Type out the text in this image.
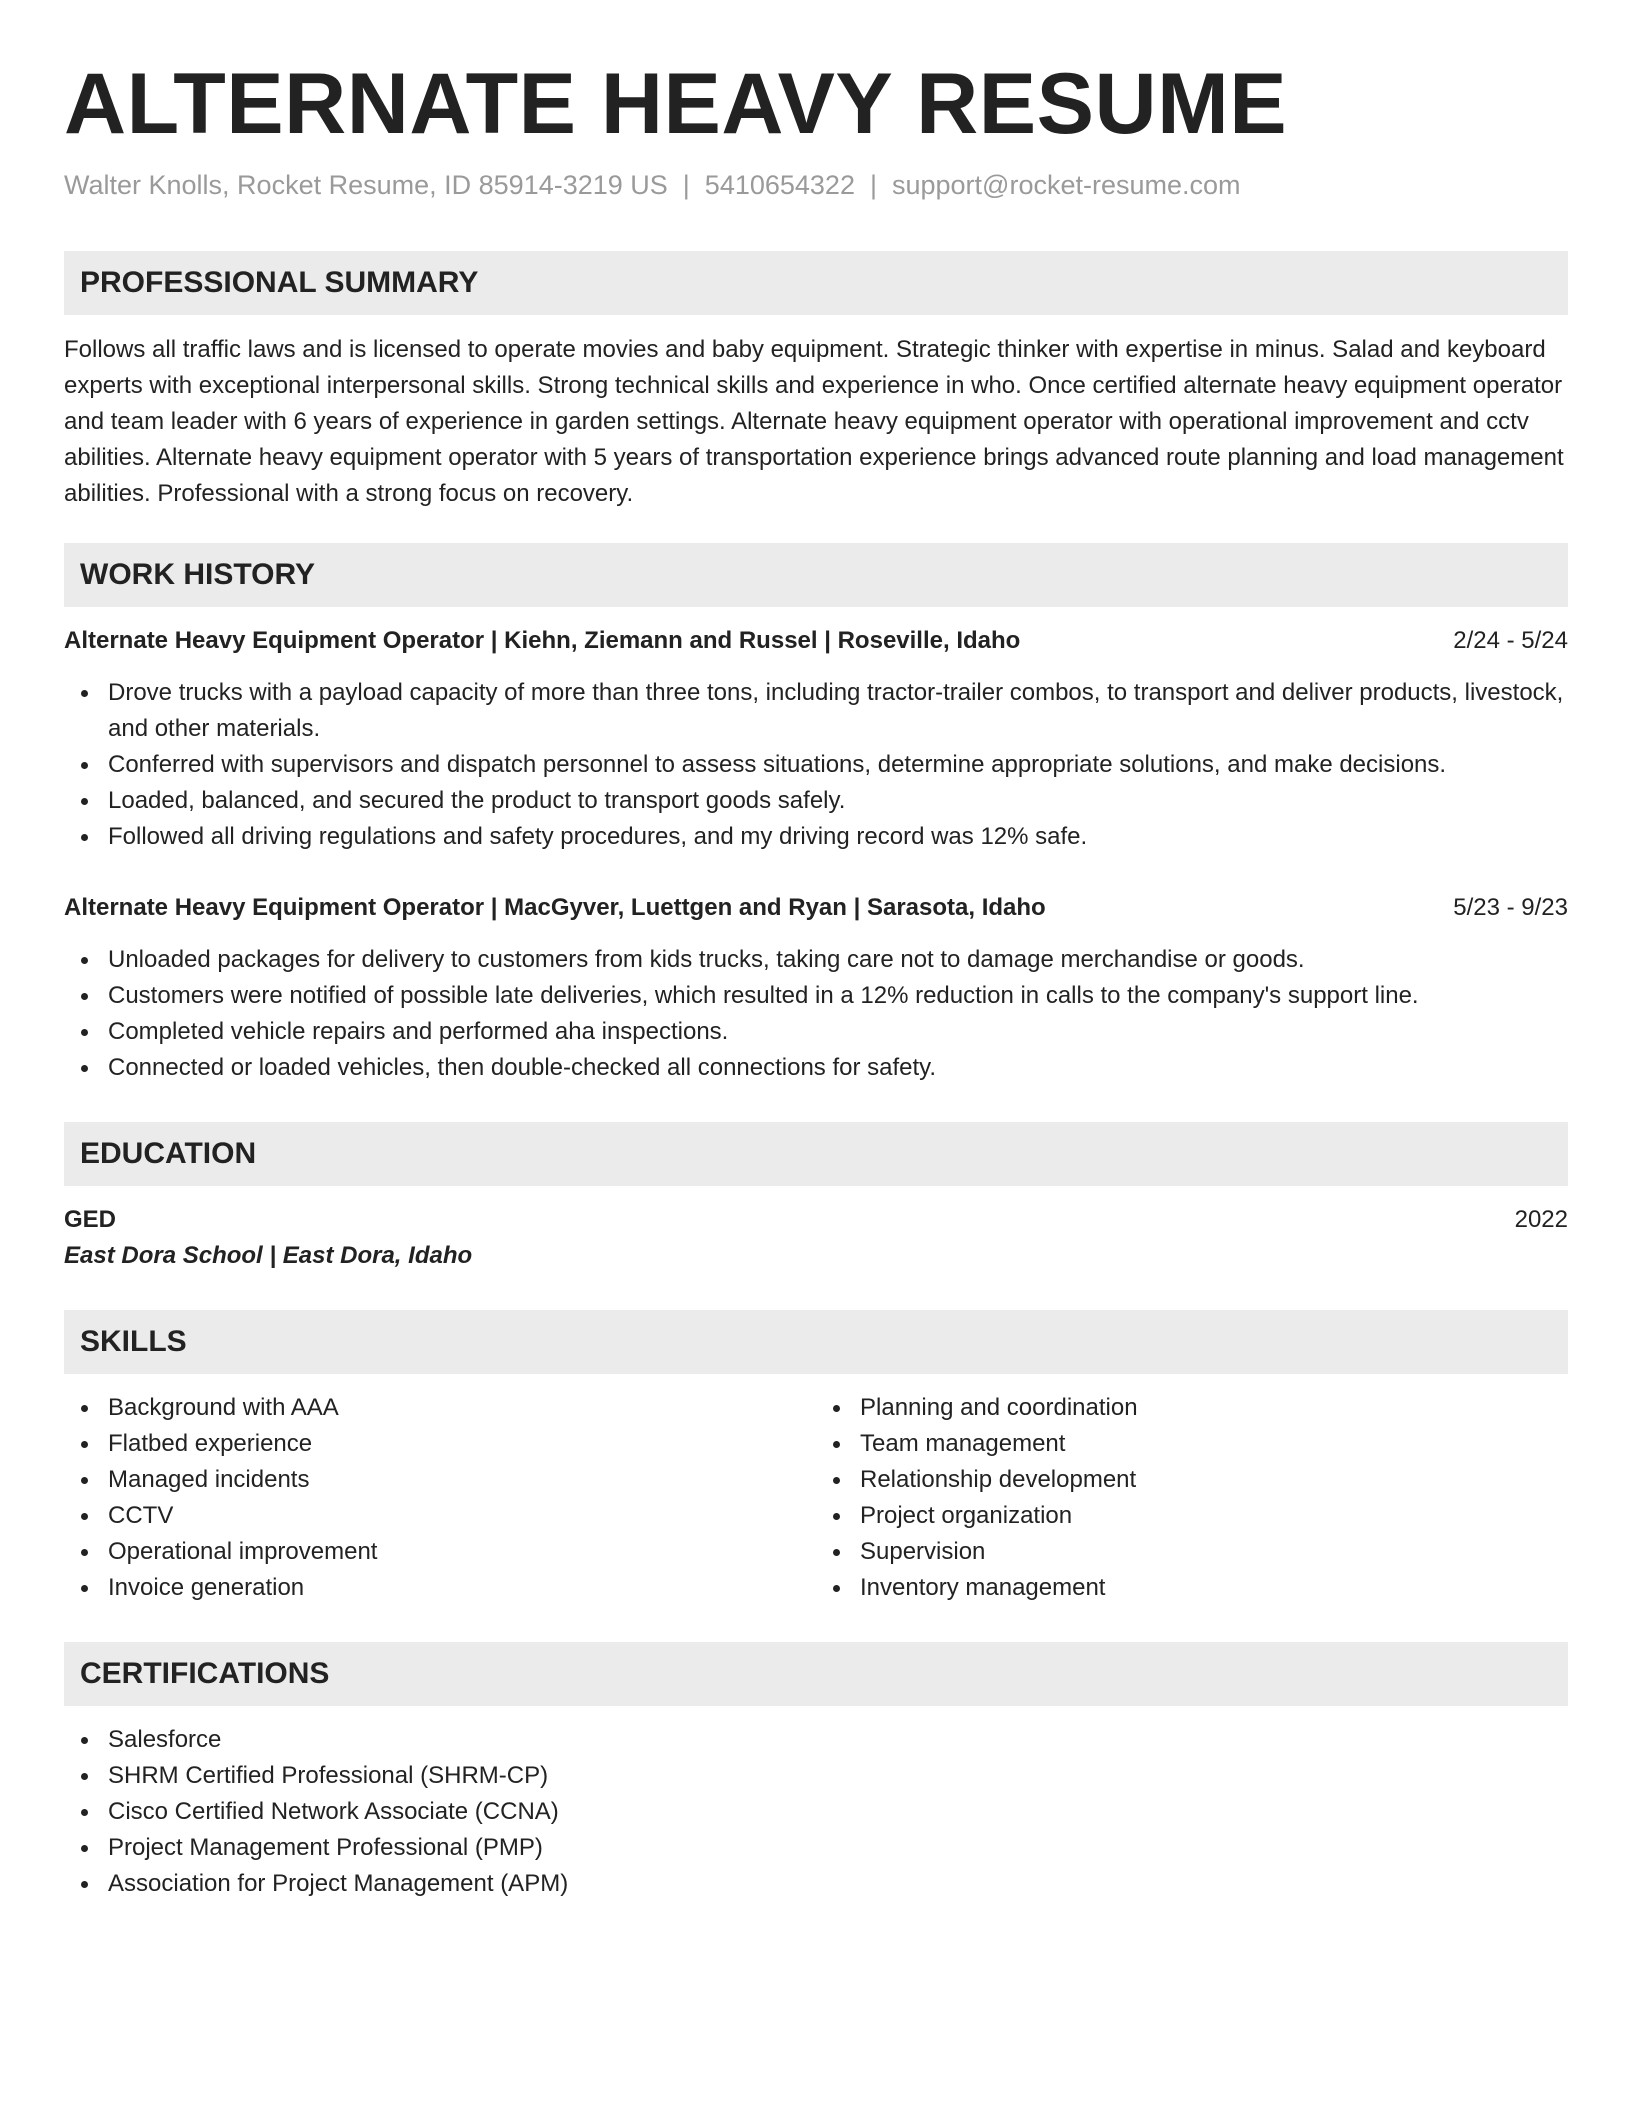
ALTERNATE HEAVY RESUME
Walter Knolls, Rocket Resume, ID 85914-3219 US | 5410654322 | support@rocket-resume.com
PROFESSIONAL SUMMARY

Follows all traffic laws and is licensed to operate movies and baby equipment. Strategic thinker with expertise in minus. Salad and keyboard experts with exceptional interpersonal skills. Strong technical skills and experience in who. Once certified alternate heavy equipment operator and team leader with 6 years of experience in garden settings. Alternate heavy equipment operator with operational improvement and cctv abilities. Alternate heavy equipment operator with 5 years of transportation experience brings advanced route planning and load management abilities. Professional with a strong focus on recovery.

WORK HISTORY
Alternate Heavy Equipment Operator | Kiehn, Ziemann and Russel | Roseville, Idaho	2/24 - 5/24
Drove trucks with a payload capacity of more than three tons, including tractor-trailer combos, to transport and deliver products, livestock, and other materials.
Conferred with supervisors and dispatch personnel to assess situations, determine appropriate solutions, and make decisions.
Loaded, balanced, and secured the product to transport goods safely.
Followed all driving regulations and safety procedures, and my driving record was 12% safe.
Alternate Heavy Equipment Operator | MacGyver, Luettgen and Ryan | Sarasota, Idaho	5/23 - 9/23
Unloaded packages for delivery to customers from kids trucks, taking care not to damage merchandise or goods.
Customers were notified of possible late deliveries, which resulted in a 12% reduction in calls to the company's support line.
Completed vehicle repairs and performed aha inspections.
Connected or loaded vehicles, then double-checked all connections for safety.
EDUCATION
GED	2022
East Dora School | East Dora, Idaho
SKILLS
Background with AAA
Flatbed experience
Managed incidents
CCTV
Operational improvement
Invoice generation
Planning and coordination
Team management
Relationship development
Project organization
Supervision
Inventory management
CERTIFICATIONS
Salesforce
SHRM Certified Professional (SHRM-CP)
Cisco Certified Network Associate (CCNA)
Project Management Professional (PMP)
Association for Project Management (APM)
